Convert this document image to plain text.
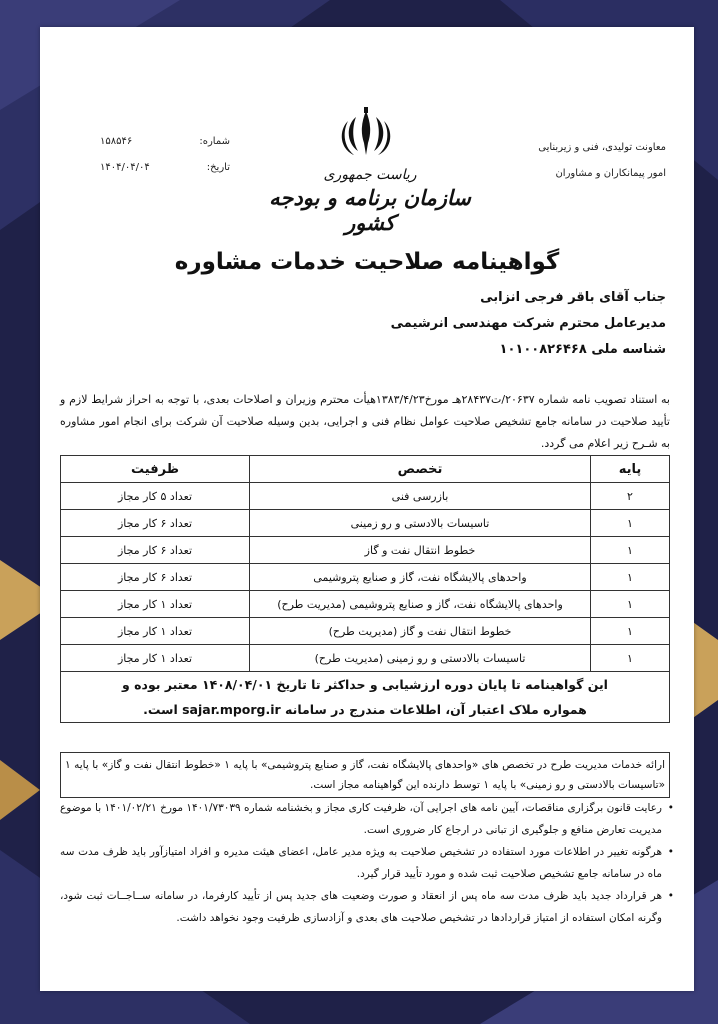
معاونت تولیدی، فنی و زیربنایی
امور پیمانکاران و مشاوران
شماره:
۱۵۸۵۴۶
تاریخ:
۱۴۰۴/۰۴/۰۴	ریاست جمهوری
سازمان برنامه و بودجه کشور
گواهینامه صلاحیت خدمات مشاوره
جناب آقای باقر فرجی انزابی
مدیرعامل محترم شرکت مهندسی انرشیمی
شناسه ملی ۱۰۱۰۰۸۲۶۴۶۸
به استناد تصویب نامه شماره ۲۰۶۳۷/ت۲۸۴۳۷هـ مورخ۱۳۸۳/۴/۲۳هیأت محترم وزیران و اصلاحات بعدی، با توجه به احراز شرایط لازم و تأیید صلاحیت در سامانه جامع تشخیص صلاحیت عوامل نظام فنی و اجرایی، بدین وسیله صلاحیت آن شرکت برای انجام امور مشاوره به شـرح زیر اعلام می گردد.
پایه	تخصص	ظرفیت
۲	بازرسی فنی	تعداد ۵ کار مجاز
۱	تاسیسات بالادستی و رو زمینی	تعداد ۶ کار مجاز
۱	خطوط انتقال نفت و گاز	تعداد ۶ کار مجاز
۱	واحدهای پالایشگاه نفت، گاز و صنایع پتروشیمی	تعداد ۶ کار مجاز
۱	واحدهای پالایشگاه نفت، گاز و صنایع پتروشیمی (مدیریت طرح)	تعداد ۱ کار مجاز
۱	خطوط انتقال نفت و گاز (مدیریت طرح)	تعداد ۱ کار مجاز
۱	تاسیسات بالادستی و رو زمینی (مدیریت طرح)	تعداد ۱ کار مجاز

این گواهینامه تا پایان دوره ارزشیابی و حداکثر تا تاریخ ۱۴۰۸/۰۴/۰۱ معتبر بوده و
همواره ملاک اعتبار آن، اطلاعات مندرج در سامانه sajar.mporg.ir است.		
ارائه خدمات مدیریت طرح در تخصص های «واحدهای پالایشگاه نفت، گاز و صنایع پتروشیمی» با پایه ۱ «خطوط انتقال نفت و گاز» با پایه ۱ «تاسیسات بالادستی و رو زمینی» با پایه ۱ توسط دارنده این گواهینامه مجاز است.
• رعایت قانون برگزاری مناقصات، آیین نامه های اجرایی آن، ظرفیت کاری مجاز و بخشنامه شماره ۱۴۰۱/۷۳۰۳۹ مورخ ۱۴۰۱/۰۲/۲۱ با موضوع مدیریت تعارض منافع و جلوگیری از تبانی در ارجاع کار ضروری است.
• هرگونه تغییر در اطلاعات مورد استفاده در تشخیص صلاحیت به ویژه مدیر عامل، اعضای هیئت مدیره و افراد امتیازآور باید ظرف مدت سه ماه در سامانه جامع تشخیص صلاحیت ثبت شده و مورد تأیید قرار گیرد.
• هر قرارداد جدید باید ظرف مدت سه ماه پس از انعقاد و صورت وضعیت های جدید پس از تأیید کارفرما، در سامانه ســاجــات ثبت شود، وگرنه امکان استفاده از امتیاز قراردادها در تشخیص صلاحیت های بعدی و آزادسازی ظرفیت وجود نخواهد داشت.
